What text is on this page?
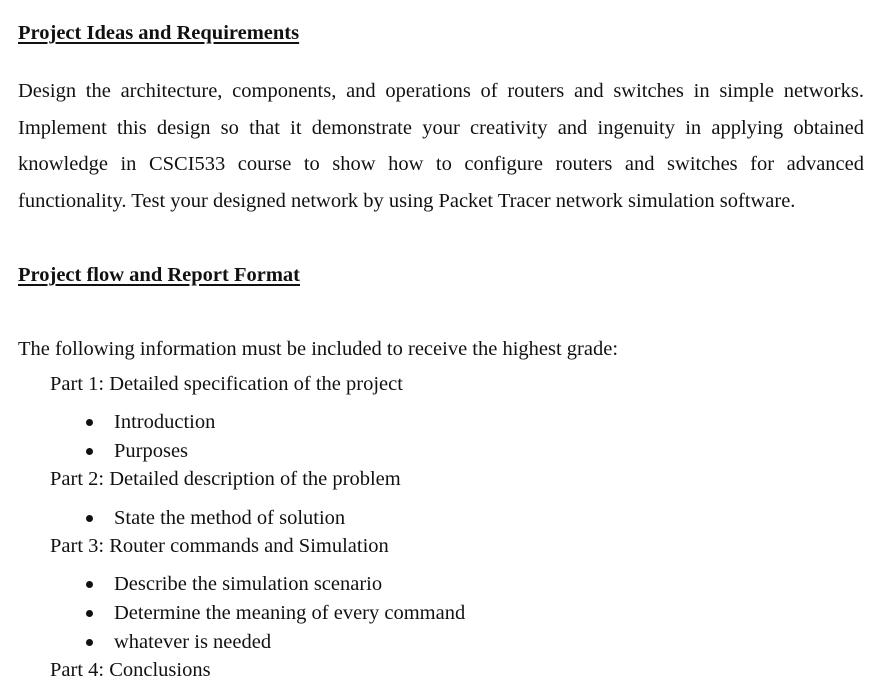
Project Ideas and Requirements

Design the architecture, components, and operations of routers and switches in simple networks. Implement this design so that it demonstrate your creativity and ingenuity in applying obtained knowledge in CSCI533 course to show how to configure routers and switches for advanced functionality. Test your designed network by using Packet Tracer network simulation software.

Project flow and Report Format

The following information must be included to receive the highest grade:

Part 1: Detailed specification of the project

Introduction
Purposes

Part 2: Detailed description of the problem

State the method of solution

Part 3: Router commands and Simulation

Describe the simulation scenario
Determine the meaning of every command
whatever is needed

Part 4: Conclusions
